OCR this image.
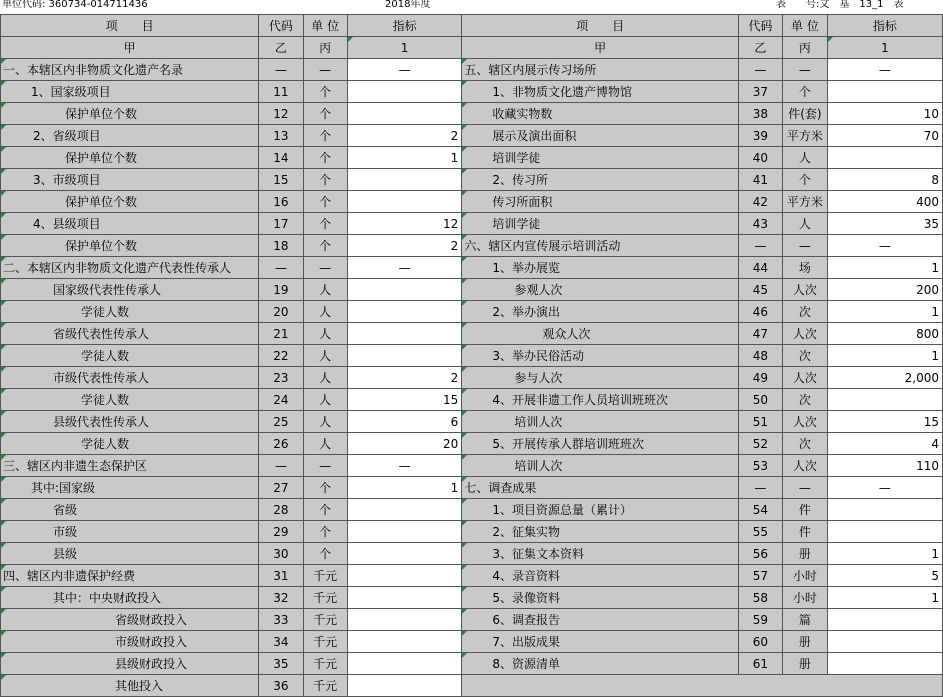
单位代码: 360734-014711436	2018年度	表　　号:文　基　13_1　表
项　　目	代码	单 位	指标	项　　目	代码	单 位	指标
甲	乙	丙	1	甲	乙	丙	1
一、本辖区内非物质文化遗产名录	—	—	—	五、辖区内展示传习场所	—	—	—
1、国家级项目	11	个		1、非物质文化遗产博物馆	37	个	
保护单位个数	12	个		收藏实物数	38	件(套)	10
2、省级项目	13	个	2	展示及演出面积	39	平方米	70
保护单位个数	14	个	1	培训学徒	40	人	
3、市级项目	15	个		2、传习所	41	个	8
保护单位个数	16	个		传习所面积	42	平方米	400
4、县级项目	17	个	12	培训学徒	43	人	35
保护单位个数	18	个	2	六、辖区内宣传展示培训活动	—	—	—
二、本辖区内非物质文化遗产代表性传承人	—	—	—	1、举办展览	44	场	1
国家级代表性传承人	19	人		参观人次	45	人次	200
学徒人数	20	人		2、举办演出	46	次	1
省级代表性传承人	21	人		观众人次	47	人次	800
学徒人数	22	人		3、举办民俗活动	48	次	1
市级代表性传承人	23	人	2	参与人次	49	人次	2,000
学徒人数	24	人	15	4、开展非遗工作人员培训班班次	50	次	
县级代表性传承人	25	人	6	培训人次	51	人次	15
学徒人数	26	人	20	5、开展传承人群培训班班次	52	次	4
三、辖区内非遗生态保护区	—	—	—	培训人次	53	人次	110
其中:国家级	27	个	1	七、调查成果	—	—	—
省级	28	个		1、项目资源总量（累计）	54	件	
市级	29	个		2、征集实物	55	件	
县级	30	个		3、征集文本资料	56	册	1
四、辖区内非遗保护经费	31	千元		4、录音资料	57	小时	5
其中：中央财政投入	32	千元		5、录像资料	58	小时	1
省级财政投入	33	千元		6、调查报告	59	篇	
市级财政投入	34	千元		7、出版成果	60	册	
县级财政投入	35	千元		8、资源清单	61	册	
其他投入	36	千元					
